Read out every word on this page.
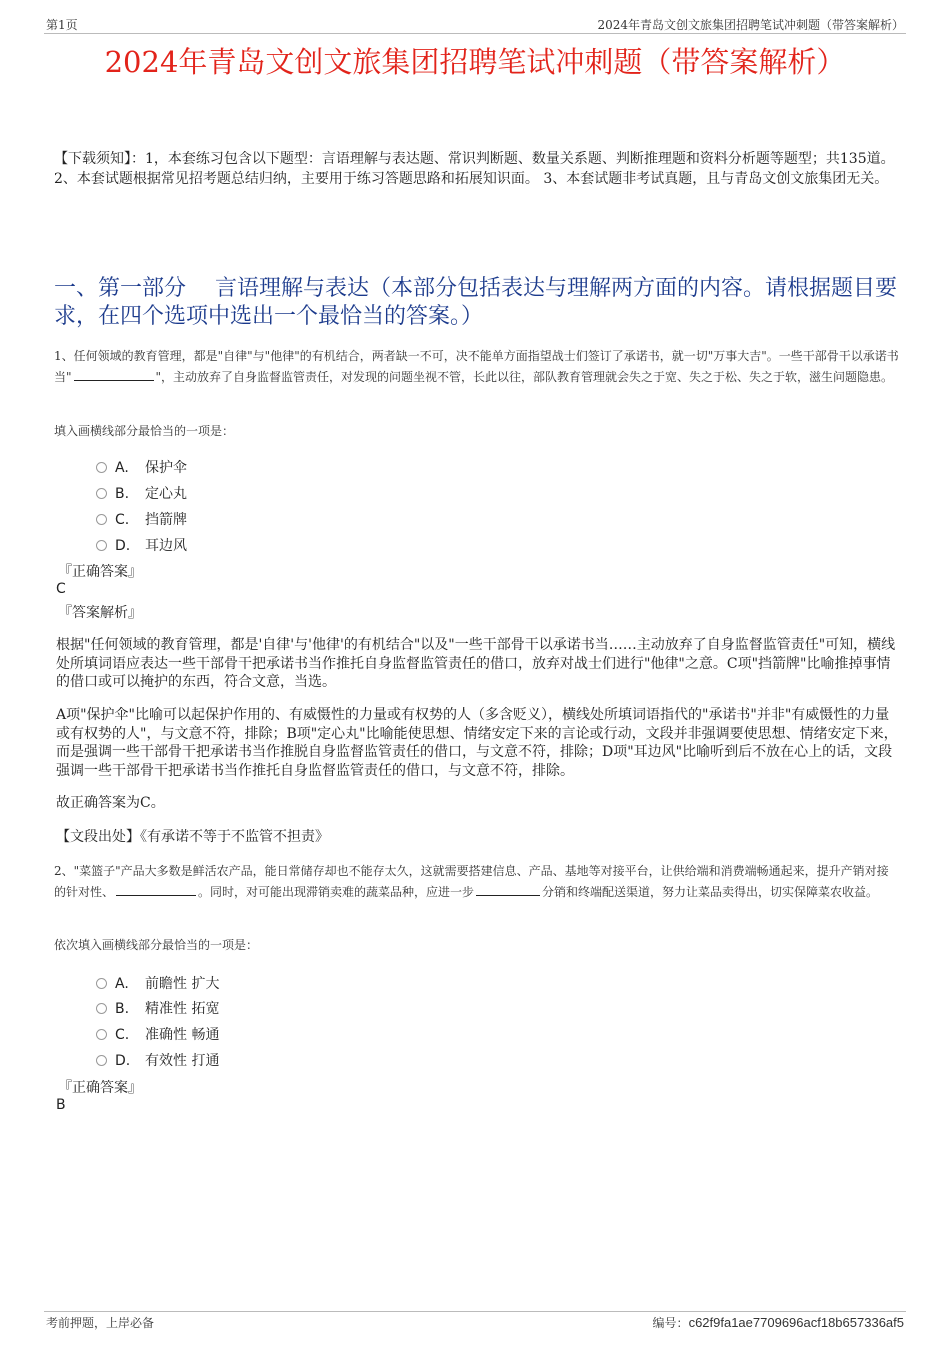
第1页	2024年青岛文创文旅集团招聘笔试冲刺题（带答案解析）
2024年青岛文创文旅集团招聘笔试冲刺题（带答案解析）
【下载须知】：1，本套练习包含以下题型：言语理解与表达题、常识判断题、数量关系题、判断推理题和资料分析题等题型；共135道。 2、本套试题根据常见招考题总结归纳，主要用于练习答题思路和拓展知识面。 3、本套试题非考试真题，且与青岛文创文旅集团无关。
一、第一部分　 言语理解与表达（本部分包括表达与理解两方面的内容。请根据题目要求，在四个选项中选出一个最恰当的答案。）
1、任何领域的教育管理，都是"自律"与"他律"的有机结合，两者缺一不可，决不能单方面指望战士们签订了承诺书，就一切"万事大吉"。一些干部骨干以承诺书当"	"，主动放弃了自身监督监管责任，对发现的问题坐视不管，长此以往，部队教育管理就会失之于宽、失之于松、失之于软，滋生问题隐患。
填入画横线部分最恰当的一项是：
A. 保护伞
B. 定心丸
C. 挡箭牌
D. 耳边风
『正确答案』
C
『答案解析』
根据"任何领域的教育管理，都是'自律'与'他律'的有机结合"以及"一些干部骨干以承诺书当……主动放弃了自身监督监管责任"可知，横线处所填词语应表达一些干部骨干把承诺书当作推托自身监督监管责任的借口，放弃对战士们进行"他律"之意。C项"挡箭牌"比喻推掉事情的借口或可以掩护的东西，符合文意，当选。
A项"保护伞"比喻可以起保护作用的、有威慑性的力量或有权势的人（多含贬义），横线处所填词语指代的"承诺书"并非"有威慑性的力量或有权势的人"，与文意不符，排除；B项"定心丸"比喻能使思想、情绪安定下来的言论或行动，文段并非强调要使思想、情绪安定下来，而是强调一些干部骨干把承诺书当作推脱自身监督监管责任的借口，与文意不符，排除；D项"耳边风"比喻听到后不放在心上的话，文段强调一些干部骨干把承诺书当作推托自身监督监管责任的借口，与文意不符，排除。
故正确答案为C。
【文段出处】《有承诺不等于不监管不担责》
2、"菜篮子"产品大多数是鲜活农产品，能日常储存却也不能存太久，这就需要搭建信息、产品、基地等对接平台，让供给端和消费端畅通起来，提升产销对接的针对性、	。同时，对可能出现滞销卖难的蔬菜品种，应进一步	分销和终端配送渠道，努力让菜品卖得出，切实保障菜农收益。
依次填入画横线部分最恰当的一项是：
A. 前瞻性 扩大
B. 精准性 拓宽
C. 准确性 畅通
D. 有效性 打通
『正确答案』
B
考前押题，上岸必备	编号：c62f9fa1ae7709696acf18b657336af5
